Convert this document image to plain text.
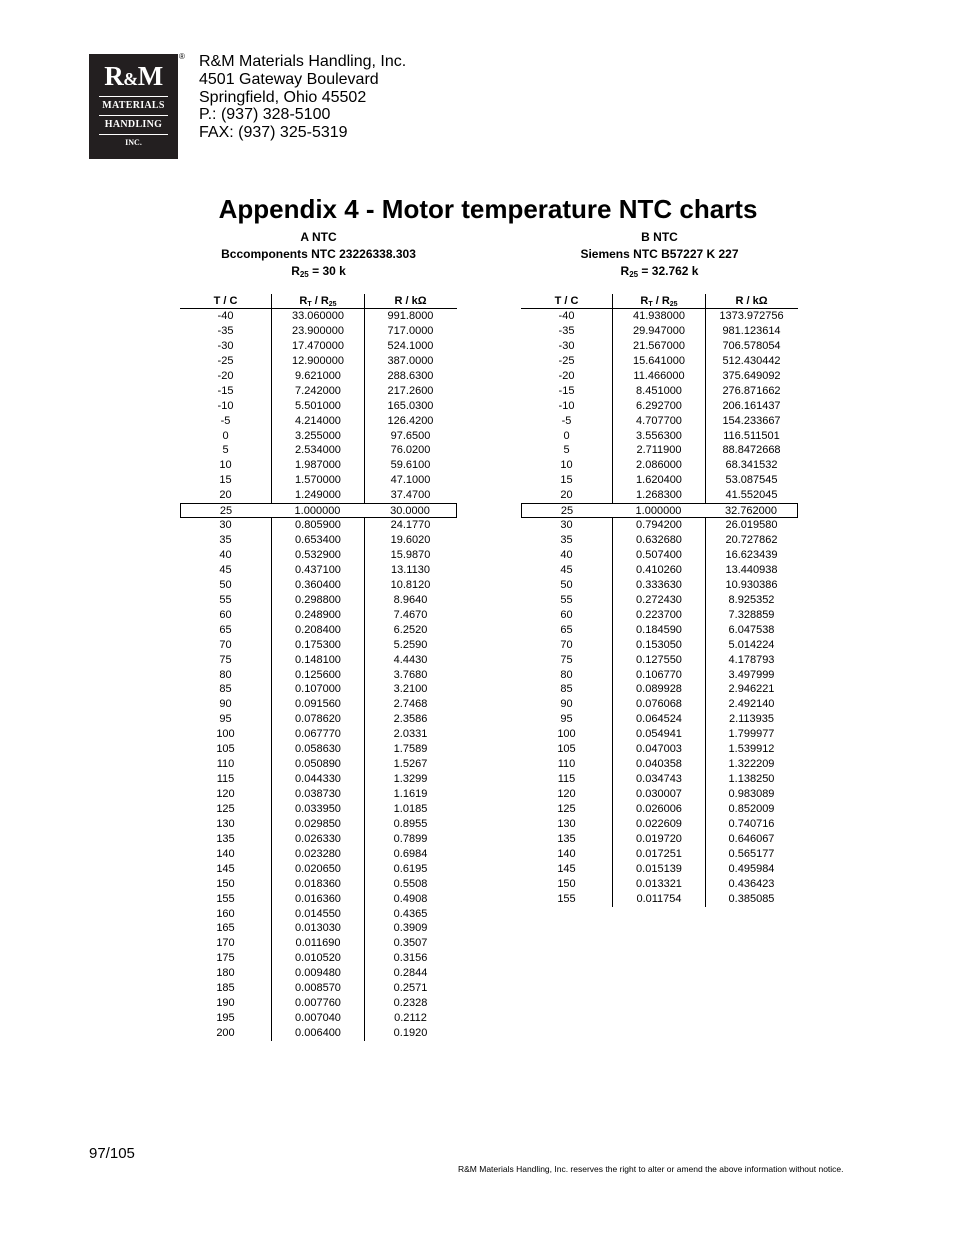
R&M
MATERIALS
HANDLING
INC.
® R&M Materials Handling, Inc.
4501 Gateway Boulevard
Springfield, Ohio 45502
P.: (937) 328-5100
FAX: (937) 325-5319
Appendix 4 - Motor temperature NTC charts
A NTC
Bccomponents NTC 23226338.303
$R_{25} = 30$ k
T / C	$R_T / R_{25}$	R / kΩ
-40	33.060000	991.8000
-35	23.900000	717.0000
-30	17.470000	524.1000
-25	12.900000	387.0000
-20	9.621000	288.6300
-15	7.242000	217.2600
-10	5.501000	165.0300
-5	4.214000	126.4200
0	3.255000	97.6500
5	2.534000	76.0200
10	1.987000	59.6100
15	1.570000	47.1000
20	1.249000	37.4700
25	1.000000	30.0000
30	0.805900	24.1770
35	0.653400	19.6020
40	0.532900	15.9870
45	0.437100	13.1130
50	0.360400	10.8120
55	0.298800	8.9640
60	0.248900	7.4670
65	0.208400	6.2520
70	0.175300	5.2590
75	0.148100	4.4430
80	0.125600	3.7680
85	0.107000	3.2100
90	0.091560	2.7468
95	0.078620	2.3586
100	0.067770	2.0331
105	0.058630	1.7589
110	0.050890	1.5267
115	0.044330	1.3299
120	0.038730	1.1619
125	0.033950	1.0185
130	0.029850	0.8955
135	0.026330	0.7899
140	0.023280	0.6984
145	0.020650	0.6195
150	0.018360	0.5508
155	0.016360	0.4908
160	0.014550	0.4365
165	0.013030	0.3909
170	0.011690	0.3507
175	0.010520	0.3156
180	0.009480	0.2844
185	0.008570	0.2571
190	0.007760	0.2328
195	0.007040	0.2112
200	0.006400	0.1920
B NTC
Siemens NTC B57227 K 227
$R_{25} = 32.762$ k
T / C	$R_T / R_{25}$	R / kΩ
-40	41.938000	1373.972756
-35	29.947000	981.123614
-30	21.567000	706.578054
-25	15.641000	512.430442
-20	11.466000	375.649092
-15	8.451000	276.871662
-10	6.292700	206.161437
-5	4.707700	154.233667
0	3.556300	116.511501
5	2.711900	88.8472668
10	2.086000	68.341532
15	1.620400	53.087545
20	1.268300	41.552045
25	1.000000	32.762000
30	0.794200	26.019580
35	0.632680	20.727862
40	0.507400	16.623439
45	0.410260	13.440938
50	0.333630	10.930386
55	0.272430	8.925352
60	0.223700	7.328859
65	0.184590	6.047538
70	0.153050	5.014224
75	0.127550	4.178793
80	0.106770	3.497999
85	0.089928	2.946221
90	0.076068	2.492140
95	0.064524	2.113935
100	0.054941	1.799977
105	0.047003	1.539912
110	0.040358	1.322209
115	0.034743	1.138250
120	0.030007	0.983089
125	0.026006	0.852009
130	0.022609	0.740716
135	0.019720	0.646067
140	0.017251	0.565177
145	0.015139	0.495984
150	0.013321	0.436423
155	0.011754	0.385085
97/105
R&M Materials Handling, Inc. reserves the right to alter or amend the above information without notice.
